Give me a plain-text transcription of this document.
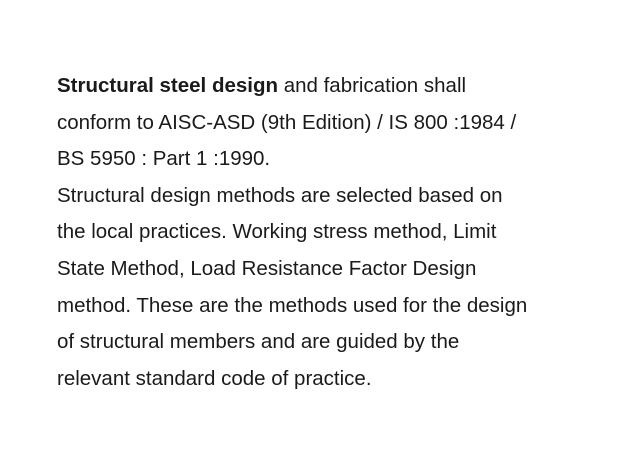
Structural steel design and fabrication shall
conform to AISC-ASD (9th Edition) / IS 800 :1984 /
BS 5950 : Part 1 :1990.
Structural design methods are selected based on
the local practices. Working stress method, Limit
State Method, Load Resistance Factor Design
method. These are the methods used for the design
of structural members and are guided by the
relevant standard code of practice.
